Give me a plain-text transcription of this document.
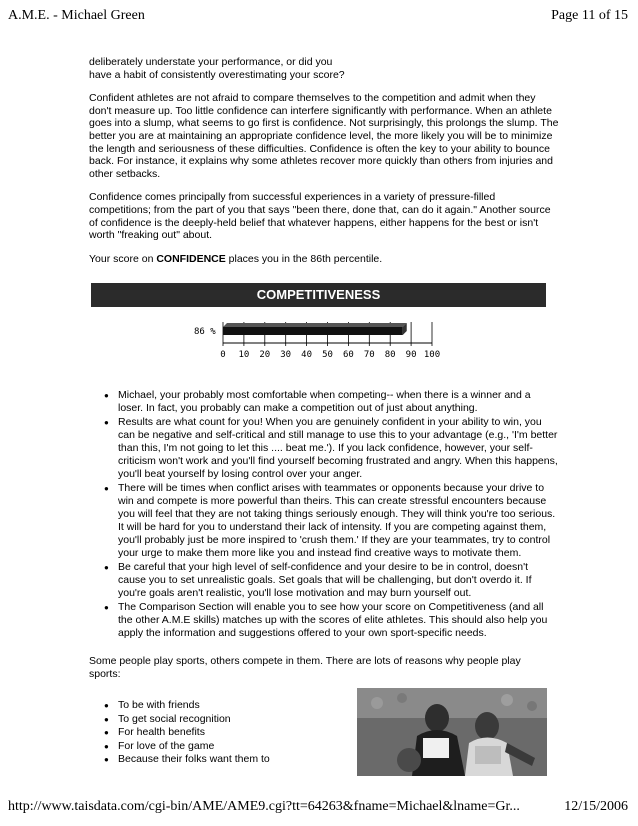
A.M.E. - Michael Green	Page 11 of 15

deliberately understate your performance, or did you
have a habit of consistently overestimating your score?

Confident athletes are not afraid to compare themselves to the competition and admit when they don't measure up. Too little confidence can interfere significantly with performance. When an athlete goes into a slump, what seems to go first is confidence. Not surprisingly, this prolongs the slump. The better you are at maintaining an appropriate confidence level, the more likely you will be to minimize the length and seriousness of these difficulties. Confidence is often the key to your ability to bounce back. For instance, it explains why some athletes recover more quickly than others from injuries and other setbacks.

Confidence comes principally from successful experiences in a variety of pressure-filled competitions; from the part of you that says "been there, done that, can do it again." Another source of confidence is the deeply-held belief that whatever happens, either happens for the best or isn't worth "freaking out" about.

Your score on CONFIDENCE places you in the 86th percentile.

COMPETITIVENESS
86 %
0 10 20 30 40 50 60 70 80 90 100
● Michael, your probably most comfortable when competing-- when there is a winner and a loser. In fact, you probably can make a competition out of just about anything.
● Results are what count for you! When you are genuinely confident in your ability to win, you can be negative and self-critical and still manage to use this to your advantage (e.g., 'I'm better than this, I'm not going to let this .... beat me.'). If you lack confidence, however, your self-criticism won't work and you'll find yourself becoming frustrated and angry. When this happens, you'll beat yourself by losing control over your anger.
● There will be times when conflict arises with teammates or opponents because your drive to win and compete is more powerful than theirs. This can create stressful encounters because you will feel that they are not taking things seriously enough. They will think you're too serious. It will be hard for you to understand their lack of intensity. If you are competing against them, you'll probably just be more inspired to 'crush them.' If they are your teammates, try to control your urge to make them more like you and instead find creative ways to motivate them.
● Be careful that your high level of self-confidence and your desire to be in control, doesn't cause you to set unrealistic goals. Set goals that will be challenging, but don't overdo it. If you're goals aren't realistic, you'll lose motivation and may burn yourself out.
● The Comparison Section will enable you to see how your score on Competitiveness (and all the other A.M.E skills) matches up with the scores of elite athletes. This should also help you apply the information and suggestions offered to your own sport-specific needs.
Some people play sports, others compete in them. There are lots of reasons why people play sports:
● To be with friends
● To get social recognition
● For health benefits
● For love of the game
● Because their folks want them to
http://www.taisdata.com/cgi-bin/AME/AME9.cgi?tt=64263&fname=Michael&lname=Gr...	12/15/2006
